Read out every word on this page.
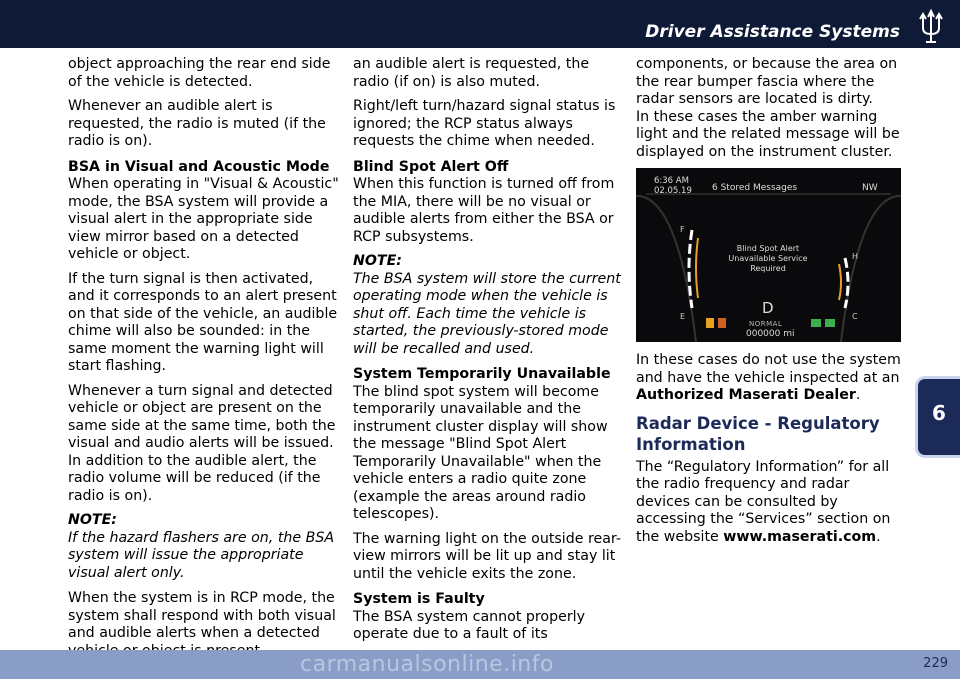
Driver Assistance Systems
6

object approaching the rear end side of the vehicle is detected.

Whenever an audible alert is requested, the radio is muted (if the radio is on).

BSA in Visual and Acoustic Mode

When operating in "Visual & Acoustic" mode, the BSA system will provide a visual alert in the appropriate side view mirror based on a detected vehicle or object.

If the turn signal is then activated, and it corresponds to an alert present on that side of the vehicle, an audible chime will also be sounded: in the same moment the warning light will start flashing.

Whenever a turn signal and detected vehicle or object are present on the same side at the same time, both the visual and audio alerts will be issued. In addition to the audible alert, the radio volume will be reduced (if the radio is on).

NOTE:

If the hazard flashers are on, the BSA system will issue the appropriate visual alert only.

When the system is in RCP mode, the system shall respond with both visual and audible alerts when a detected

an audible alert is requested, the radio (if on) is also muted.

Right/left turn/hazard signal status is ignored; the RCP status always requests the chime when needed.

Blind Spot Alert Off

When this function is turned off from the MIA, there will be no visual or audible alerts from either the BSA or RCP subsystems.

NOTE:

The BSA system will store the current operating mode when the vehicle is shut off. Each time the vehicle is started, the previously-stored mode will be recalled and used.

System Temporarily Unavailable

The blind spot system will become temporarily unavailable and the instrument cluster display will show the message "Blind Spot Alert Temporarily Unavailable" when the vehicle enters a radio quite zone (example the areas around radio telescopes).

The warning light on the outside rear-view mirrors will be lit up and stay lit until the vehicle exits the zone.

System is Faulty

The BSA system cannot properly operate due to a fault of its

components, or because the area on the rear bumper fascia where the radar sensors are located is dirty.

In these cases the amber warning light and the related message will be displayed on the instrument cluster.

6:36 AM
02.05.19 6 Stored Messages	NW
Blind Spot Alert Unavailable Service Required
F
E
H
C
D
NORMAL
000000 mi

In these cases do not use the system and have the vehicle inspected at an Authorized Maserati Dealer.

Radar Device - Regulatory Information

The “Regulatory Information” for all the radio frequency and radar devices can be consulted by accessing the “Services” section on the website www.maserati.com.

carmanualsonline.info	229
